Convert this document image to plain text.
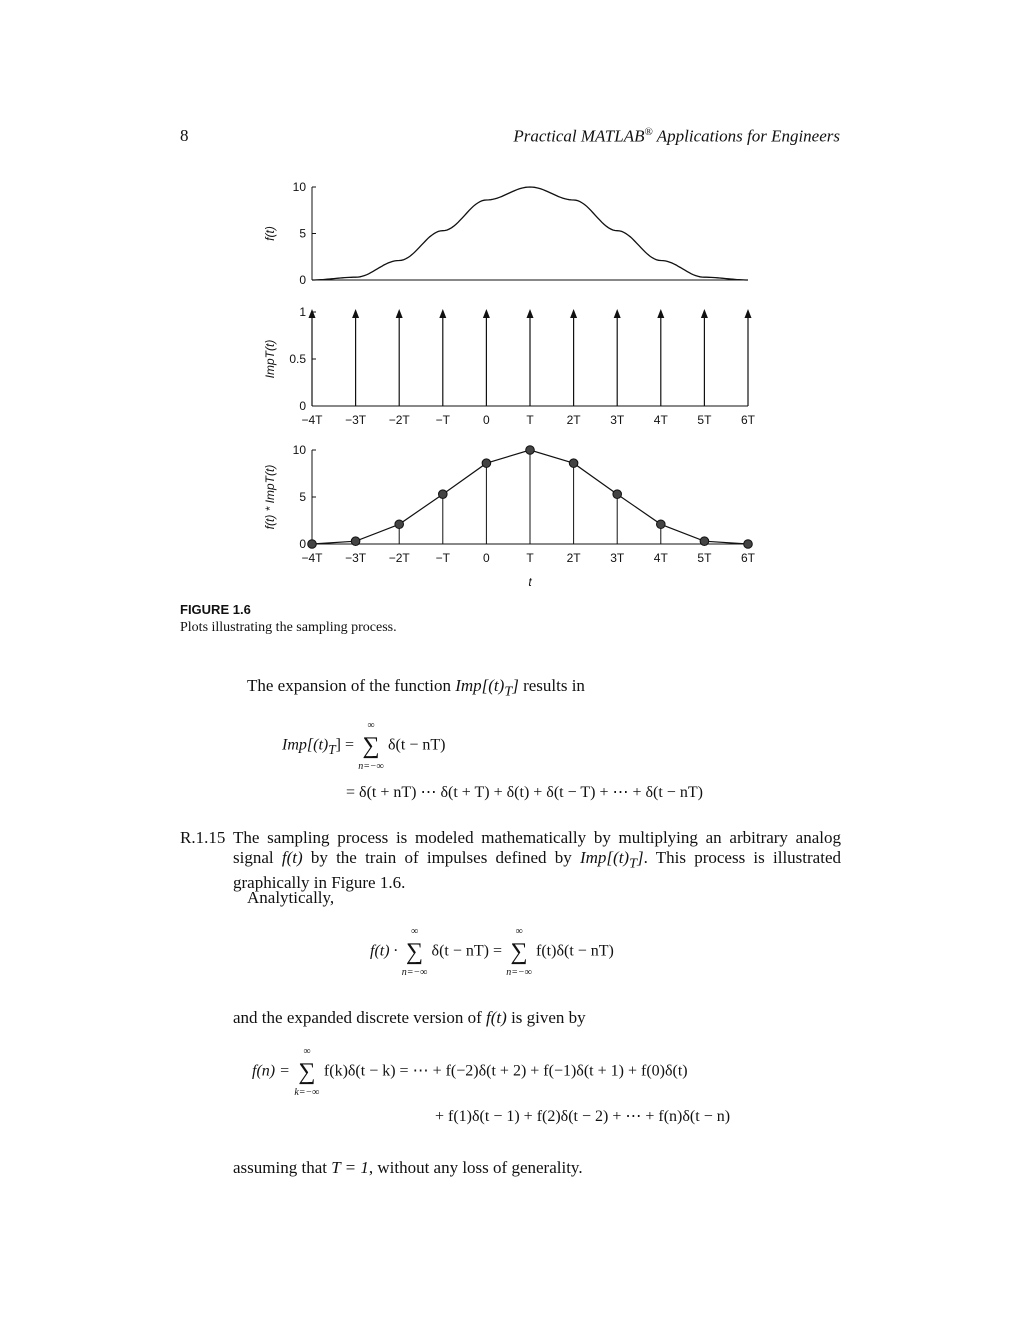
8	Practical MATLAB® Applications for Engineers
0
5
10
f(t)
0
0.5
1
ImpT(t)
−4T −3T −2T −T	0	T	2T 3T 4T 5T 6T
0
5
10
f(t) * ImpT(t)
−4T −3T −2T −T	0	T	2T 3T 4T 5T 6T
t
FIGURE 1.6
Plots illustrating the sampling process.
The expansion of the function $Imp[(t)_T]$ results in
$Imp[(t)_T]$ =
∞
∑
n=−∞
δ(t − nT)
= δ(t + nT) ⋯ δ(t + T) + δ(t) + δ(t − T) + ⋯ + δ(t − nT)
R.1.15 The sampling process is modeled mathematically by multiplying an arbitrary analog signal f(t) by the train of impulses defined by $Imp[(t)_T]$. This process is illustrated graphically in Figure 1.6.
Analytically,
f(t) ·
∞
∑
n=−∞
δ(t − nT) =
∞
∑
n=−∞
f(t)δ(t − nT)
and the expanded discrete version of f(t) is given by
f(n) =
∞
∑
k=−∞
f(k)δ(t − k) = ⋯ + f(−2)δ(t + 2) + f(−1)δ(t + 1) + f(0)δ(t)
+ f(1)δ(t − 1) + f(2)δ(t − 2) + ⋯ + f(n)δ(t − n)
assuming that T = 1, without any loss of generality.
